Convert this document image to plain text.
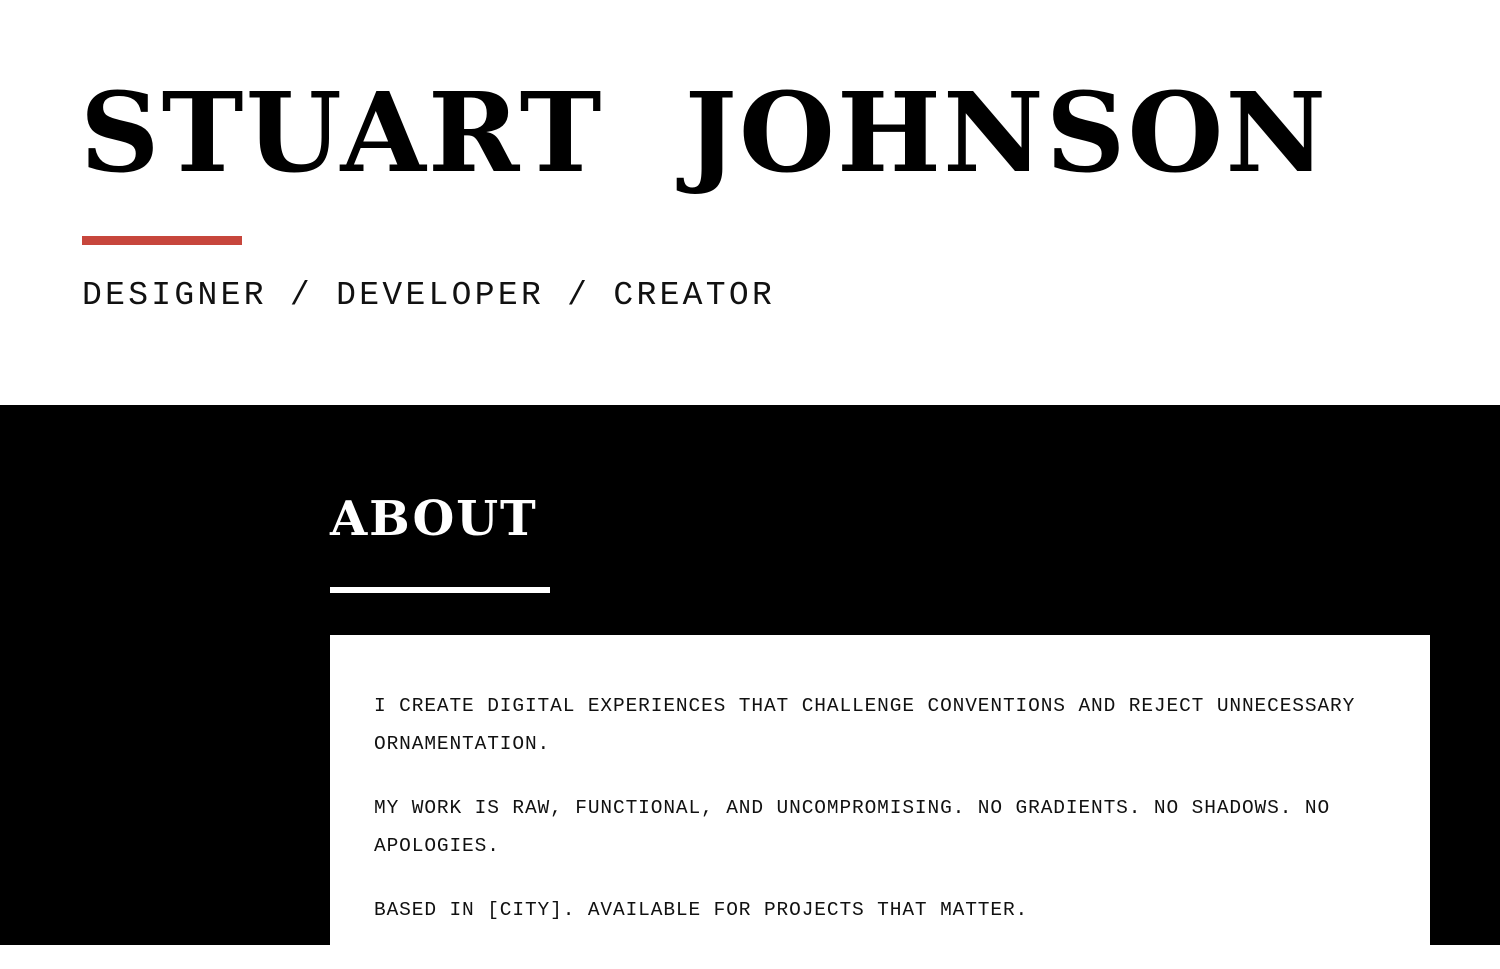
STUART  JOHNSON
DESIGNER / DEVELOPER / CREATOR
ABOUT

I CREATE DIGITAL EXPERIENCES THAT CHALLENGE CONVENTIONS AND REJECT UNNECESSARY ORNAMENTATION.

MY WORK IS RAW, FUNCTIONAL, AND UNCOMPROMISING. NO GRADIENTS. NO SHADOWS. NO APOLOGIES.

BASED IN [CITY]. AVAILABLE FOR PROJECTS THAT MATTER.
